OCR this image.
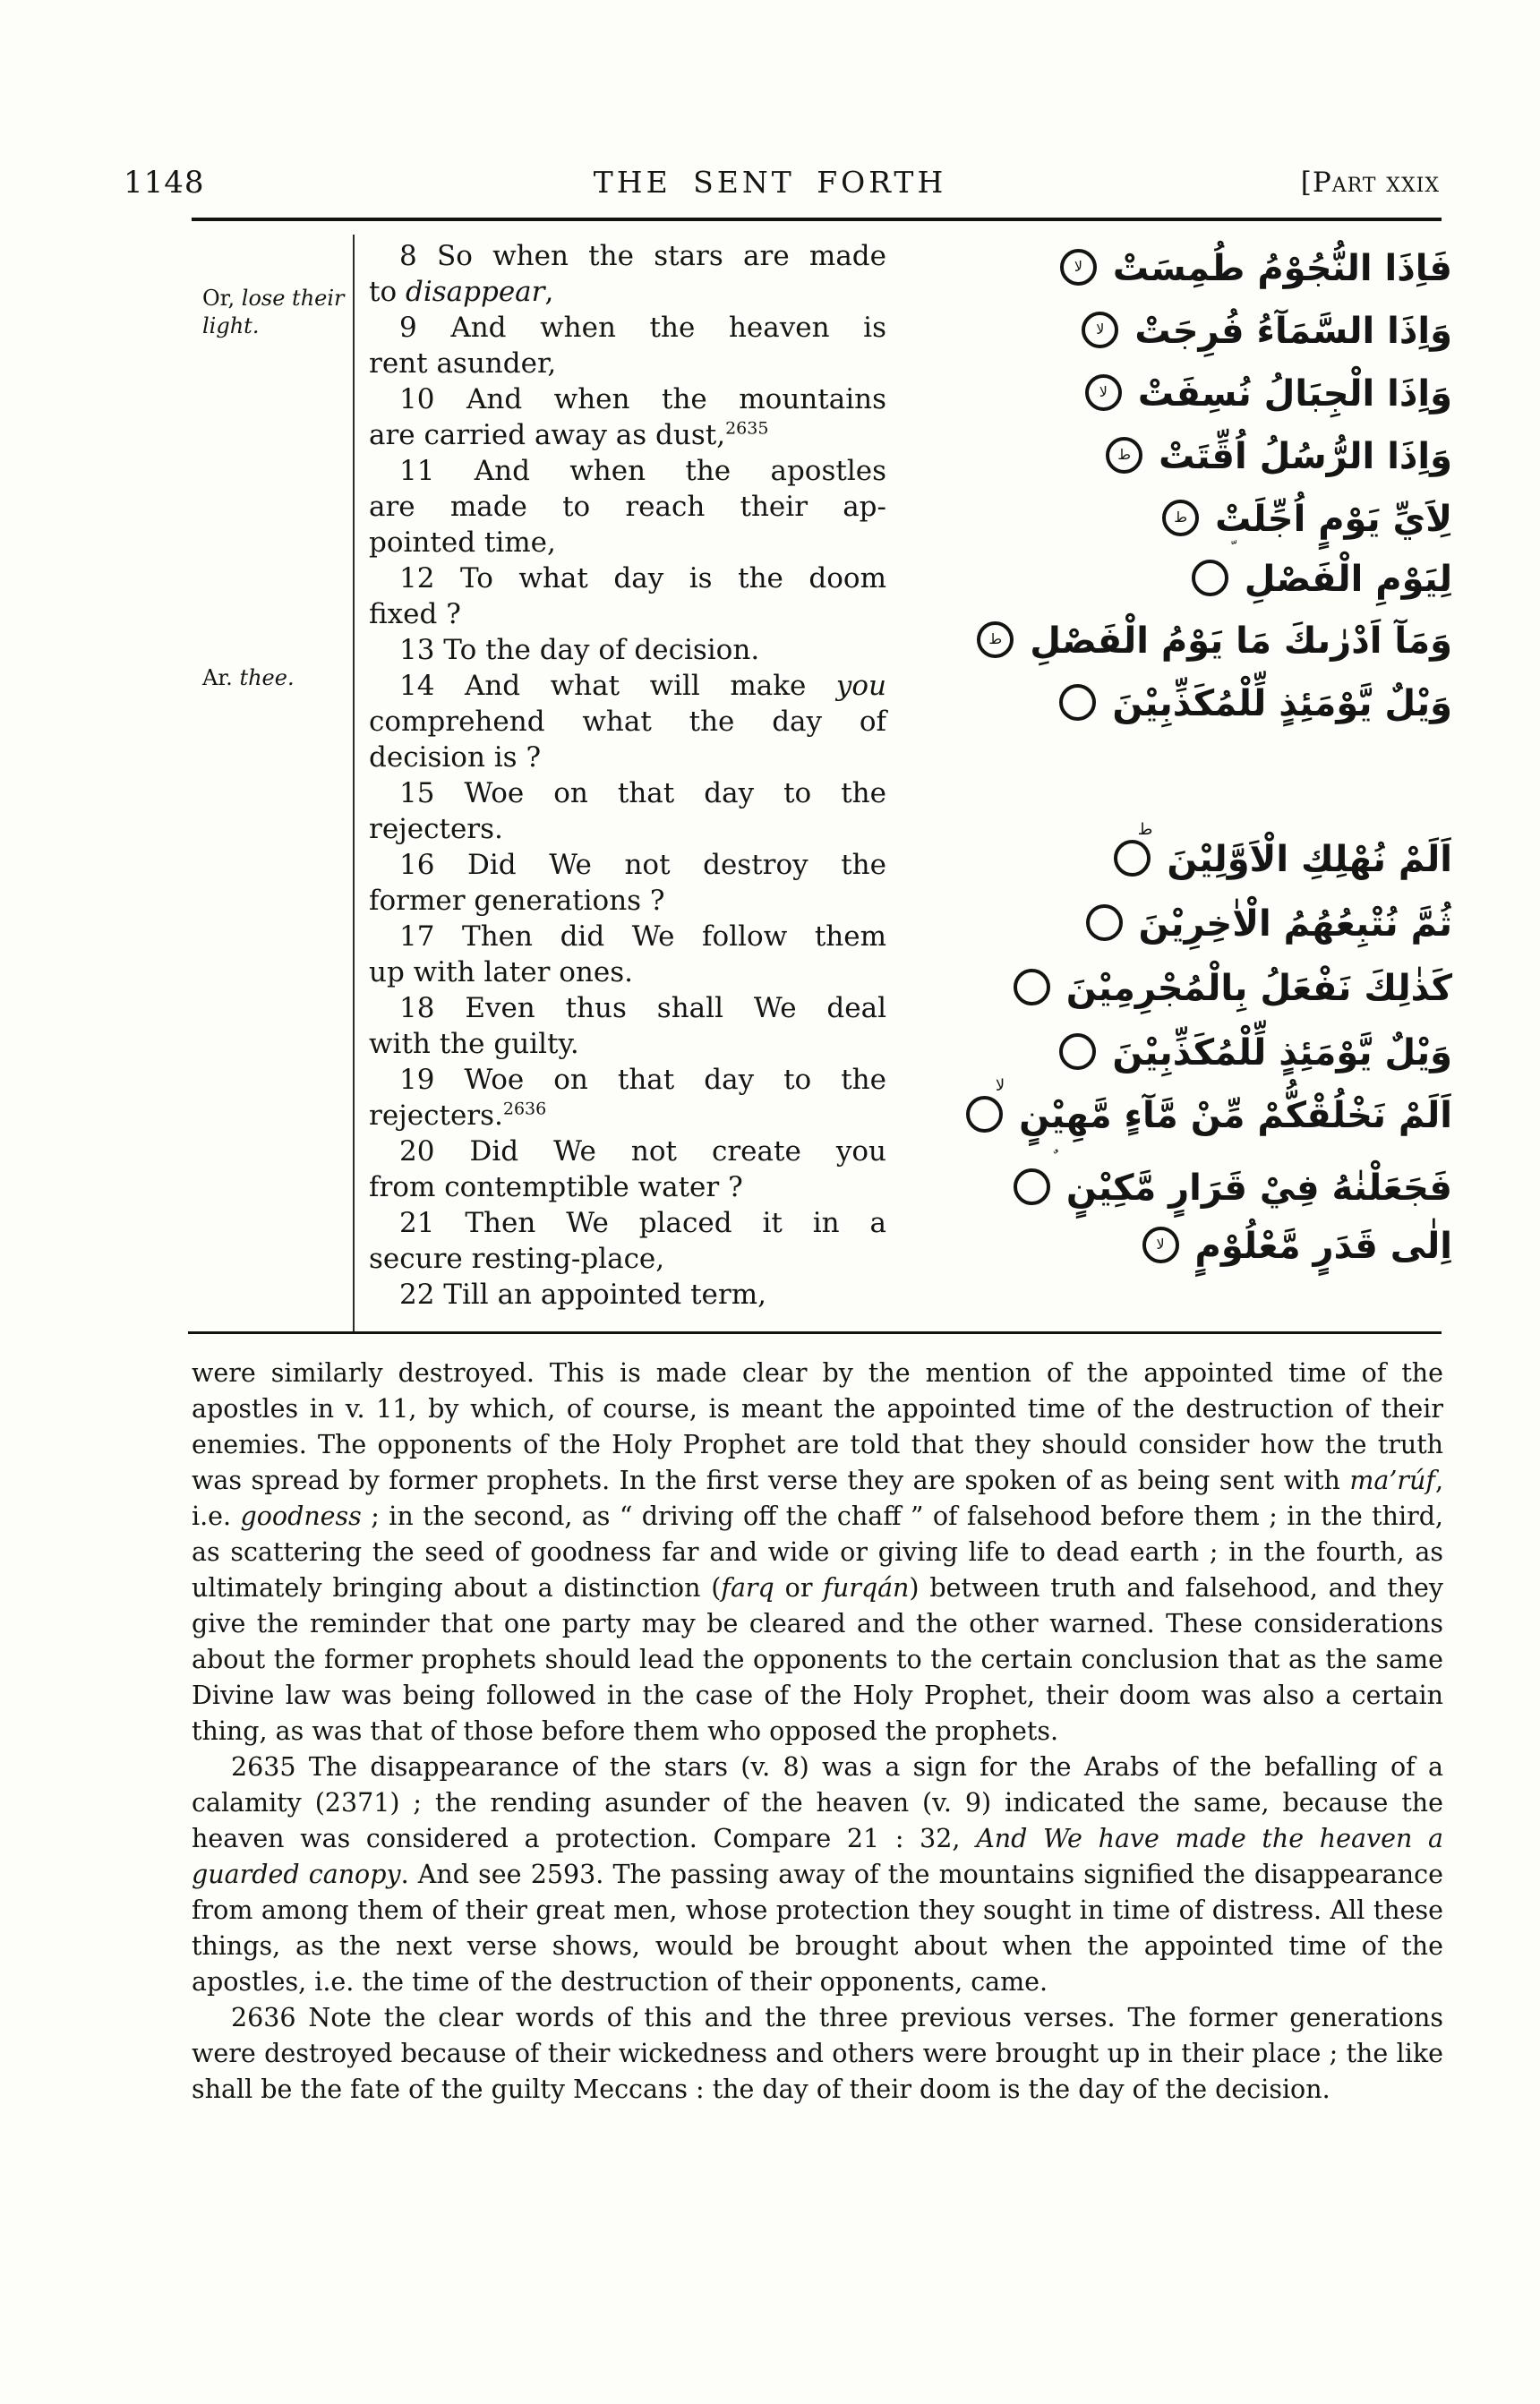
1148	THE SENT FORTH	[Part xxix
Or, lose their light.
Ar. thee.
8 So when the stars are made
to disappear,
9 And when the heaven is
rent asunder,
10 And when the mountains
are carried away as dust,$^{2635}$
11 And when the apostles
are made to reach their ap-
pointed time,
12 To what day is the doom
fixed ?
13 To the day of decision.
14 And what will make you
comprehend what the day of
decision is ?
15 Woe on that day to the
rejecters.
16 Did We not destroy the
former generations ?
17 Then did We follow them
up with later ones.
18 Even thus shall We deal
with the guilty.
19 Woe on that day to the
rejecters.$^{2636}$
20 Did We not create you
from contemptible water ?
21 Then We placed it in a
secure resting-place,
22 Till an appointed term,
فَاِذَا النُّجُوْمُ طُمِسَتْلا
وَاِذَا السَّمَآءُ فُرِجَتْلا
وَاِذَا الْجِبَالُ نُسِفَتْلا
وَاِذَا الرُّسُلُ اُقِّتَتْط
لِاَيِّ يَوْمٍ اُجِّلَتْط
لِيَوْمِ الْفَصْلِ
وَمَآ اَدْرٰىكَ مَا يَوْمُ الْفَصْلِط
وَيْلٌ يَّوْمَئِذٍ لِّلْمُكَذِّبِيْنَ
اَلَمْ نُهْلِكِ الْاَوَّلِيْنَ
ط
ثُمَّ نُتْبِعُهُمُ الْاٰخِرِيْنَ
كَذٰلِكَ نَفْعَلُ بِالْمُجْرِمِيْنَ
وَيْلٌ يَّوْمَئِذٍ لِّلْمُكَذِّبِيْنَ
اَلَمْ نَخْلُقْكُّمْ مِّنْ مَّآءٍ مَّهِيْنٍ
لا
فَجَعَلْنٰهُ فِيْ قَرَارٍ مَّكِيْنٍ
اِلٰى قَدَرٍ مَّعْلُوْمٍلا

were similarly destroyed. This is made clear by the mention of the appointed time of the apostles in v. 11, by which, of course, is meant the appointed time of the destruction of their enemies. The opponents of the Holy Prophet are told that they should consider how the truth was spread by former prophets. In the first verse they are spoken of as being sent with ma’rúf, i.e. goodness ; in the second, as “ driving off the chaff ” of falsehood before them ; in the third, as scattering the seed of goodness far and wide or giving life to dead earth ; in the fourth, as ultimately bringing about a distinction (farq or furqán) between truth and falsehood, and they give the reminder that one party may be cleared and the other warned. These considerations about the former prophets should lead the opponents to the certain conclusion that as the same Divine law was being followed in the case of the Holy Prophet, their doom was also a certain thing, as was that of those before them who opposed the prophets.

2635 The disappearance of the stars (v. 8) was a sign for the Arabs of the befalling of a calamity (2371) ; the rending asunder of the heaven (v. 9) indicated the same, because the heaven was considered a protection. Compare 21 : 32, And We have made the heaven a guarded canopy. And see 2593. The passing away of the mountains signified the disappearance from among them of their great men, whose protection they sought in time of distress. All these things, as the next verse shows, would be brought about when the appointed time of the apostles, i.e. the time of the destruction of their opponents, came.

2636 Note the clear words of this and the three previous verses. The former generations were destroyed because of their wickedness and others were brought up in their place ; the like shall be the fate of the guilty Meccans : the day of their doom is the day of the decision.
